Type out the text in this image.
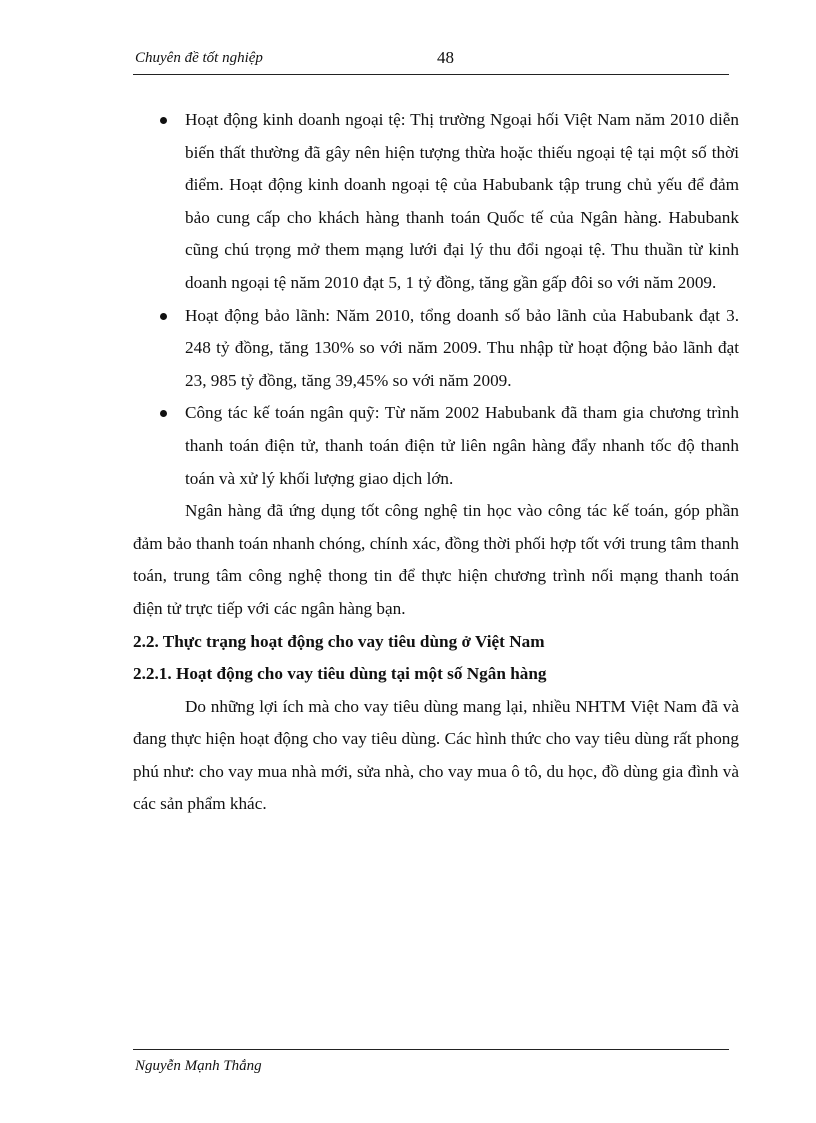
Chuyên đề tốt nghiệp	48
Hoạt động kinh doanh ngoại tệ: Thị trường Ngoại hối Việt Nam năm 2010 diễn biến thất thường đã gây nên hiện tượng thừa hoặc thiếu ngoại tệ tại một số thời điểm. Hoạt động kinh doanh ngoại tệ của Habubank tập trung chủ yếu để đảm bảo cung cấp cho khách hàng thanh toán Quốc tế của Ngân hàng. Habubank cũng chú trọng mở them mạng lưới đại lý thu đổi ngoại tệ. Thu thuần từ kinh doanh ngoại tệ năm 2010 đạt 5, 1 tỷ đồng, tăng gần gấp đôi so với năm 2009.
Hoạt động bảo lãnh: Năm 2010, tổng doanh số bảo lãnh của Habubank đạt 3. 248 tỷ đồng, tăng 130% so với năm 2009. Thu nhập từ hoạt động bảo lãnh đạt 23, 985 tỷ đồng, tăng 39,45% so với năm 2009.
Công tác kế toán ngân quỹ: Từ năm 2002 Habubank đã tham gia chương trình thanh toán điện tử, thanh toán điện tử liên ngân hàng đẩy nhanh tốc độ thanh toán và xử lý khối lượng giao dịch lớn.

Ngân hàng đã ứng dụng tốt công nghệ tin học vào công tác kế toán, góp phần đảm bảo thanh toán nhanh chóng, chính xác, đồng thời phối hợp tốt với trung tâm thanh toán, trung tâm công nghệ thong tin để thực hiện chương trình nối mạng thanh toán điện tử trực tiếp với các ngân hàng bạn.

2.2. Thực trạng hoạt động cho vay tiêu dùng ở Việt Nam
2.2.1. Hoạt động cho vay tiêu dùng tại một số Ngân hàng

Do những lợi ích mà cho vay tiêu dùng mang lại, nhiều NHTM Việt Nam đã và đang thực hiện hoạt động cho vay tiêu dùng. Các hình thức cho vay tiêu dùng rất phong phú như: cho vay mua nhà mới, sửa nhà, cho vay mua ô tô, du học, đồ dùng gia đình và các sản phẩm khác.

Nguyễn Mạnh Thắng
